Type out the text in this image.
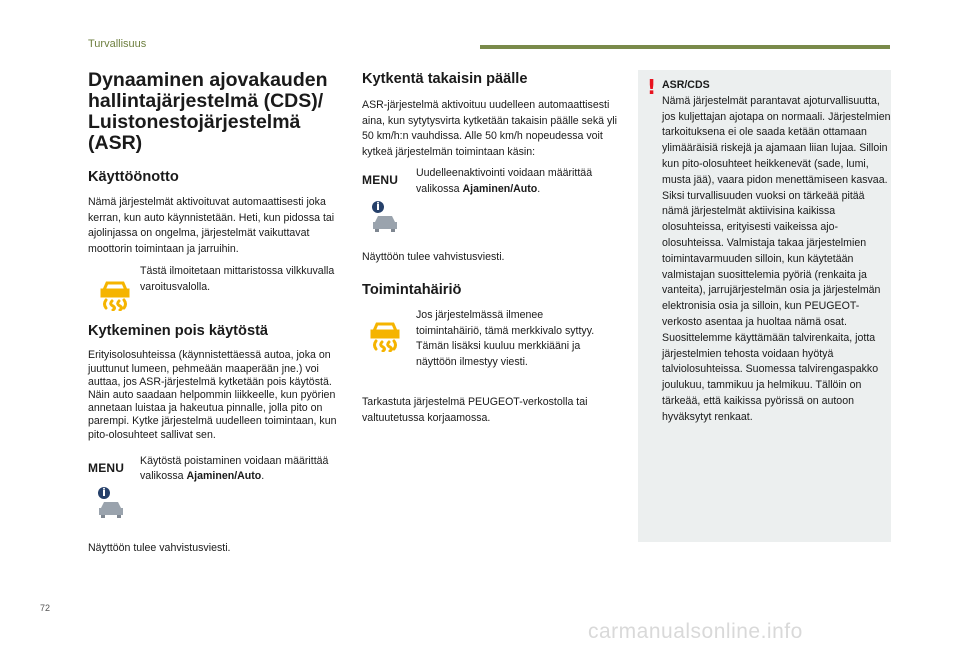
Turvallisuus
Dynaaminen ajovakauden hallintajärjestelmä (CDS)/ Luistonestojärjestelmä (ASR)
Käyttöönotto

Nämä järjestelmät aktivoituvat automaattisesti joka kerran, kun auto käynnistetään. Heti, kun pidossa tai ajolinjassa on ongelma, järjestelmät vaikuttavat moottorin toimintaan ja jarruihin.

Tästä ilmoitetaan mittaristossa vilkkuvalla varoitusvalolla.
Kytkeminen pois käytöstä

Erityisolosuhteissa (käynnistettäessä autoa, joka on juuttunut lumeen, pehmeään maaperään jne.) voi auttaa, jos ASR-järjestelmä kytketään pois käytöstä. Näin auto saadaan helpommin liikkeelle, kun pyörien annetaan luistaa ja hakeutua pinnalle, jolla pito on parempi. Kytke järjestelmä uudelleen toimintaan, kun pito-olosuhteet sallivat sen.

MENU Käytöstä poistaminen voidaan määrittää valikossa Ajaminen/Auto.

Näyttöön tulee vahvistusviesti.

Kytkentä takaisin päälle

ASR-järjestelmä aktivoituu uudelleen automaattisesti aina, kun sytytysvirta kytketään takaisin päälle sekä yli 50 km/h:n vauhdissa. Alle 50 km/h nopeudessa voit kytkeä järjestelmän toimintaan käsin:

MENU Uudelleenaktivointi voidaan määrittää valikossa Ajaminen/Auto.

Näyttöön tulee vahvistusviesti.

Toimintahäiriö
Jos järjestelmässä ilmenee toimintahäiriö, tämä merkkivalo syttyy. Tämän lisäksi kuuluu merkkiääni ja näyttöön ilmestyy viesti.

Tarkastuta järjestelmä PEUGEOT-verkostolla tai valtuutetussa korjaamossa.

! ASR/CDS
Nämä järjestelmät parantavat ajoturvallisuutta, jos kuljettajan ajotapa on normaali. Järjestelmien tarkoituksena ei ole saada ketään ottamaan ylimääräisiä riskejä ja ajamaan liian lujaa. Silloin kun pito-olosuhteet heikkenevät (sade, lumi, musta jää), vaara pidon menettämiseen kasvaa. Siksi turvallisuuden vuoksi on tärkeää pitää nämä järjestelmät aktiivisina kaikissa olosuhteissa, erityisesti vaikeissa ajo-olosuhteissa. Valmistaja takaa järjestelmien toimintavarmuuden silloin, kun käytetään valmistajan suosittelemia pyöriä (renkaita ja vanteita), jarrujärjestelmän osia ja järjestelmän elektronisia osia ja silloin, kun PEUGEOT-verkosto asentaa ja huoltaa nämä osat. Suosittelemme käyttämään talvirenkaita, jotta järjestelmien tehosta voidaan hyötyä talviolosuhteissa. Suomessa talvirengaspakko joulukuu, tammikuu ja helmikuu. Tällöin on tärkeää, että kaikissa pyörissä on autoon hyväksytyt renkaat.
72
carmanualsonline.info
